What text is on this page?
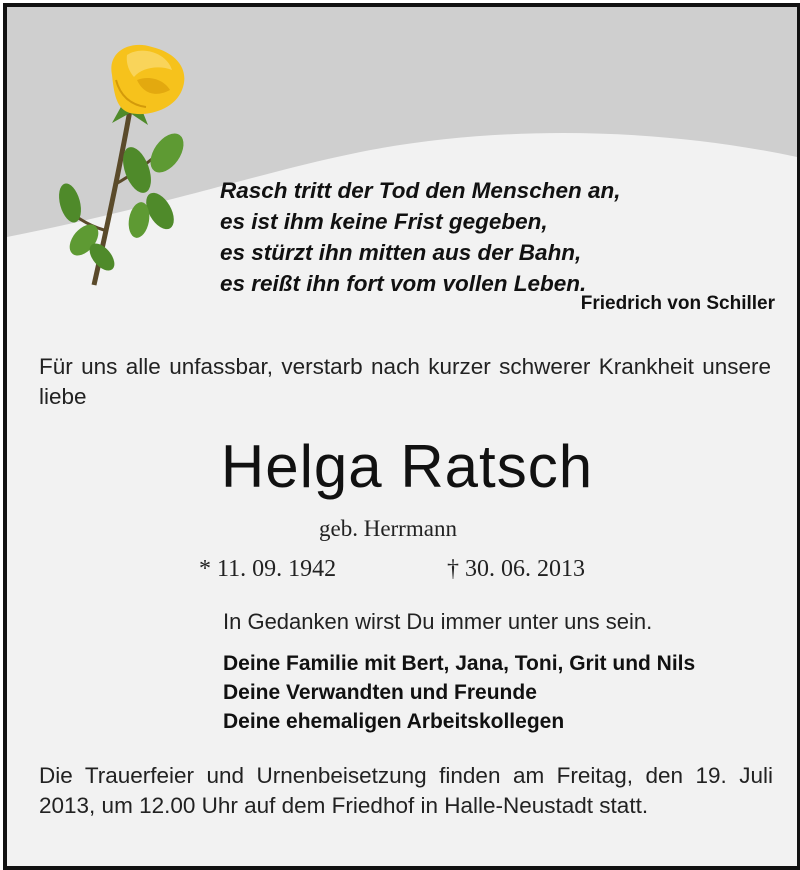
Rasch tritt der Tod den Menschen an,
es ist ihm keine Frist gegeben,
es stürzt ihn mitten aus der Bahn,
es reißt ihn fort vom vollen Leben.
Friedrich von Schiller
Für uns alle unfassbar, verstarb nach kurzer schwerer Krankheit unsere liebe
Helga Ratsch
geb. Herrmann
* 11. 09. 1942	† 30. 06. 2013
In Gedanken wirst Du immer unter uns sein.
Deine Familie mit Bert, Jana, Toni, Grit und Nils
Deine Verwandten und Freunde
Deine ehemaligen Arbeitskollegen
Die Trauerfeier und Urnenbeisetzung finden am Freitag, den 19. Juli 2013, um 12.00 Uhr auf dem Friedhof in Halle-Neustadt statt.
